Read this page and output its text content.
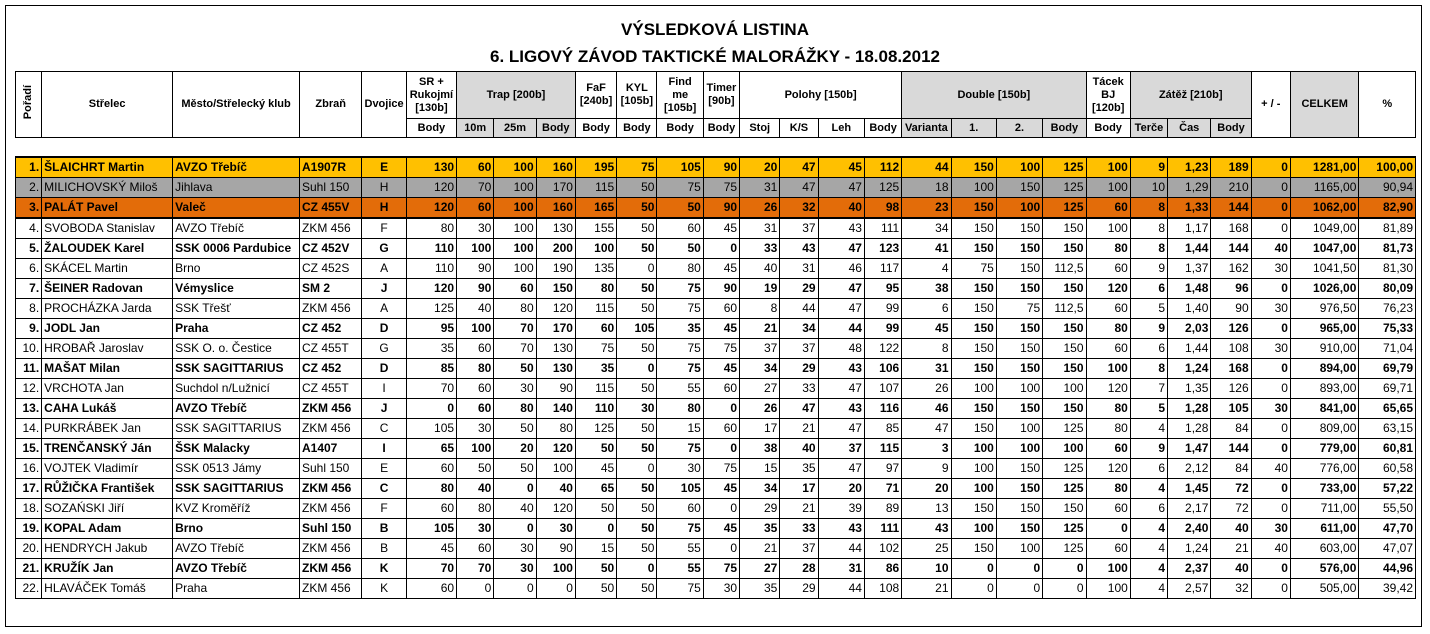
VÝSLEDKOVÁ LISTINA
6. LIGOVÝ ZÁVOD TAKTICKÉ MALORÁŽKY - 18.08.2012
Pořadí	Střelec	Město/Střelecký klub	Zbraň	Dvojice	SR + Rukojmí [130b]	Trap [200b]			FaF [240b]	KYL [105b]	Find me [105b]	Timer [90b]	Polohy [150b]				Double [150b]				Tácek BJ [120b]	Zátěž [210b]			+ / -	CELKEM	%
					Body	10m	25m	Body	Body	Body	Body	Body	Stoj	K/S	Leh	Body	Varianta	1.	2.	Body	Body	Terče	Čas	Body			

1.	ŠLAICHRT Martin	AVZO Třebíč	A1907R	E	130	60	100	160	195	75	105	90	20	47	45	112	44	150	100	125	100	9	1,23	189	0	1281,00	100,00
2.	MILICHOVSKÝ Miloš	Jihlava	Suhl 150	H	120	70	100	170	115	50	75	75	31	47	47	125	18	100	150	125	100	10	1,29	210	0	1165,00	90,94
3.	PALÁT Pavel	Valeč	CZ 455V	H	120	60	100	160	165	50	50	90	26	32	40	98	23	150	100	125	60	8	1,33	144	0	1062,00	82,90
4.	SVOBODA Stanislav	AVZO Třebíč	ZKM 456	F	80	30	100	130	155	50	60	45	31	37	43	111	34	150	150	150	100	8	1,17	168	0	1049,00	81,89
5.	ŽALOUDEK Karel	SSK 0006 Pardubice	CZ 452V	G	110	100	100	200	100	50	50	0	33	43	47	123	41	150	150	150	80	8	1,44	144	40	1047,00	81,73
6.	SKÁCEL Martin	Brno	CZ 452S	A	110	90	100	190	135	0	80	45	40	31	46	117	4	75	150	112,5	60	9	1,37	162	30	1041,50	81,30
7.	ŠEINER Radovan	Vémyslice	SM 2	J	120	90	60	150	80	50	75	90	19	29	47	95	38	150	150	150	120	6	1,48	96	0	1026,00	80,09
8.	PROCHÁZKA Jarda	SSK Třešť	ZKM 456	A	125	40	80	120	115	50	75	60	8	44	47	99	6	150	75	112,5	60	5	1,40	90	30	976,50	76,23
9.	JODL Jan	Praha	CZ 452	D	95	100	70	170	60	105	35	45	21	34	44	99	45	150	150	150	80	9	2,03	126	0	965,00	75,33
10.	HROBAŘ Jaroslav	SSK O. o. Čestice	CZ 455T	G	35	60	70	130	75	50	75	75	37	37	48	122	8	150	150	150	60	6	1,44	108	30	910,00	71,04
11.	MAŠAT Milan	SSK SAGITTARIUS	CZ 452	D	85	80	50	130	35	0	75	45	34	29	43	106	31	150	150	150	100	8	1,24	168	0	894,00	69,79
12.	VRCHOTA Jan	Suchdol n/Lužnicí	CZ 455T	I	70	60	30	90	115	50	55	60	27	33	47	107	26	100	100	100	120	7	1,35	126	0	893,00	69,71
13.	CAHA Lukáš	AVZO Třebíč	ZKM 456	J	0	60	80	140	110	30	80	0	26	47	43	116	46	150	150	150	80	5	1,28	105	30	841,00	65,65
14.	PURKRÁBEK Jan	SSK SAGITTARIUS	ZKM 456	C	105	30	50	80	125	50	15	60	17	21	47	85	47	150	100	125	80	4	1,28	84	0	809,00	63,15
15.	TRENČANSKÝ Ján	ŠSK Malacky	A1407	I	65	100	20	120	50	50	75	0	38	40	37	115	3	100	100	100	60	9	1,47	144	0	779,00	60,81
16.	VOJTEK Vladimír	SSK 0513 Jámy	Suhl 150	E	60	50	50	100	45	0	30	75	15	35	47	97	9	100	150	125	120	6	2,12	84	40	776,00	60,58
17.	RŮŽIČKA František	SSK SAGITTARIUS	ZKM 456	C	80	40	0	40	65	50	105	45	34	17	20	71	20	100	150	125	80	4	1,45	72	0	733,00	57,22
18.	SOZAŃSKI Jiří	KVZ Kroměříž	ZKM 456	F	60	80	40	120	50	50	60	0	29	21	39	89	13	150	150	150	60	6	2,17	72	0	711,00	55,50
19.	KOPAL Adam	Brno	Suhl 150	B	105	30	0	30	0	50	75	45	35	33	43	111	43	100	150	125	0	4	2,40	40	30	611,00	47,70
20.	HENDRYCH Jakub	AVZO Třebíč	ZKM 456	B	45	60	30	90	15	50	55	0	21	37	44	102	25	150	100	125	60	4	1,24	21	40	603,00	47,07
21.	KRUŽÍK Jan	AVZO Třebíč	ZKM 456	K	70	70	30	100	50	0	55	75	27	28	31	86	10	0	0	0	100	4	2,37	40	0	576,00	44,96
22.	HLAVÁČEK Tomáš	Praha	ZKM 456	K	60	0	0	0	50	50	75	30	35	29	44	108	21	0	0	0	100	4	2,57	32	0	505,00	39,42
